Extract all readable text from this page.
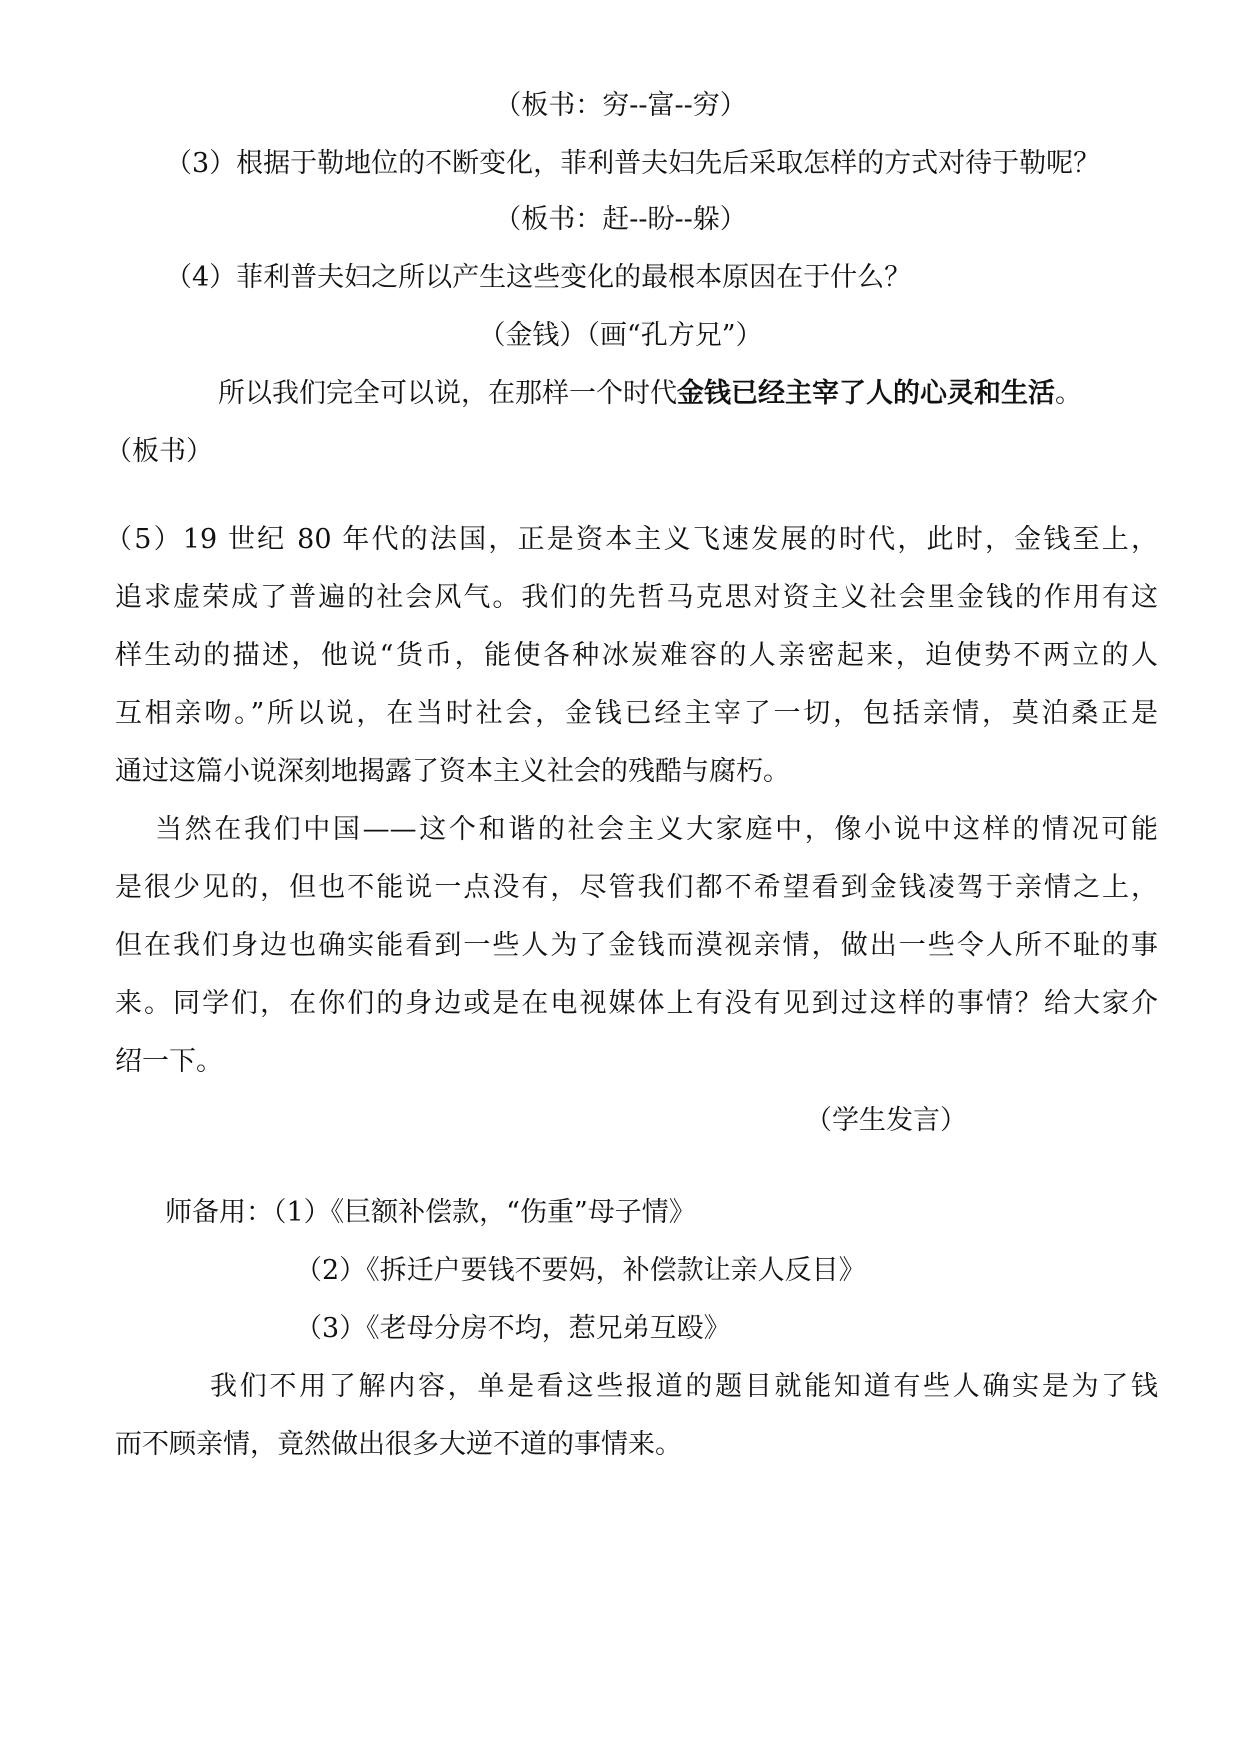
（板书：穷--富--穷）
（3）根据于勒地位的不断变化，菲利普夫妇先后采取怎样的方式对待于勒呢？
（板书：赶--盼--躲）
（4）菲利普夫妇之所以产生这些变化的最根本原因在于什么？
（金钱）（画“孔方兄”）
所以我们完全可以说，在那样一个时代金钱已经主宰了人的心灵和生活。
（板书）
（5）19 世纪 80 年代的法国，正是资本主义飞速发展的时代，此时，金钱至上，
追求虚荣成了普遍的社会风气。我们的先哲马克思对资主义社会里金钱的作用有这
样生动的描述，他说“货币，能使各种冰炭难容的人亲密起来，迫使势不两立的人
互相亲吻。”所以说，在当时社会，金钱已经主宰了一切，包括亲情，莫泊桑正是
通过这篇小说深刻地揭露了资本主义社会的残酷与腐朽。
当然在我们中国——这个和谐的社会主义大家庭中，像小说中这样的情况可能
是很少见的，但也不能说一点没有，尽管我们都不希望看到金钱凌驾于亲情之上，
但在我们身边也确实能看到一些人为了金钱而漠视亲情，做出一些令人所不耻的事
来。同学们，在你们的身边或是在电视媒体上有没有见到过这样的事情？给大家介
绍一下。
（学生发言）
师备用：（1）《巨额补偿款，“伤重”母子情》
（2）《拆迁户要钱不要妈，补偿款让亲人反目》
（3）《老母分房不均，惹兄弟互殴》
我们不用了解内容，单是看这些报道的题目就能知道有些人确实是为了钱
而不顾亲情，竟然做出很多大逆不道的事情来。
